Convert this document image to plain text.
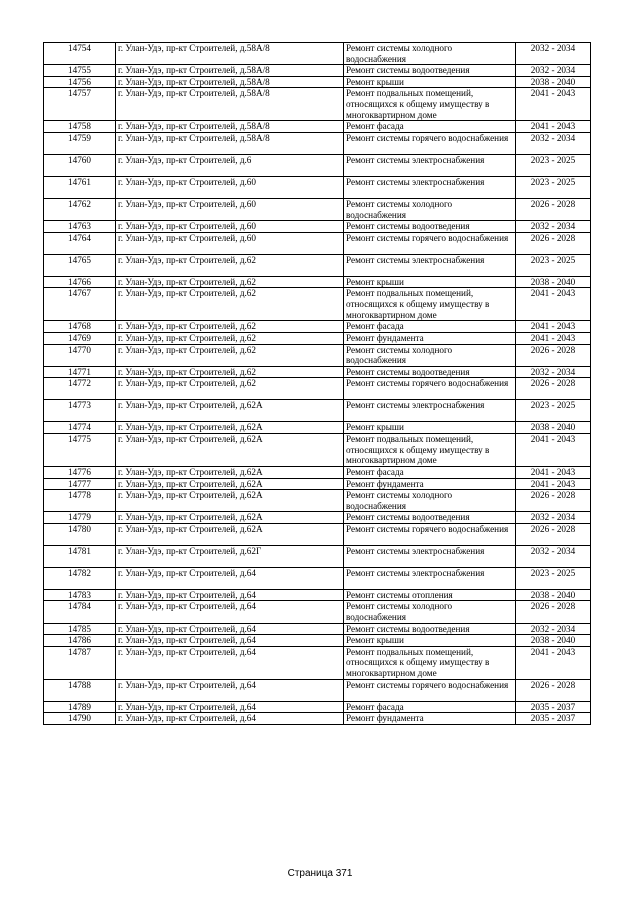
14754	г. Улан-Удэ, пр-кт Строителей, д.58А/8	Ремонт системы холодного водоснабжения	2032 - 2034
14755	г. Улан-Удэ, пр-кт Строителей, д.58А/8	Ремонт системы водоотведения	2032 - 2034
14756	г. Улан-Удэ, пр-кт Строителей, д.58А/8	Ремонт крыши	2038 - 2040
14757	г. Улан-Удэ, пр-кт Строителей, д.58А/8	Ремонт подвальных помещений, относящихся к общему имуществу в многоквартирном доме	2041 - 2043
14758	г. Улан-Удэ, пр-кт Строителей, д.58А/8	Ремонт фасада	2041 - 2043
14759	г. Улан-Удэ, пр-кт Строителей, д.58А/8	Ремонт системы горячего водоснабжения	2032 - 2034
14760	г. Улан-Удэ, пр-кт Строителей, д.6	Ремонт системы электроснабжения	2023 - 2025
14761	г. Улан-Удэ, пр-кт Строителей, д.60	Ремонт системы электроснабжения	2023 - 2025
14762	г. Улан-Удэ, пр-кт Строителей, д.60	Ремонт системы холодного водоснабжения	2026 - 2028
14763	г. Улан-Удэ, пр-кт Строителей, д.60	Ремонт системы водоотведения	2032 - 2034
14764	г. Улан-Удэ, пр-кт Строителей, д.60	Ремонт системы горячего водоснабжения	2026 - 2028
14765	г. Улан-Удэ, пр-кт Строителей, д.62	Ремонт системы электроснабжения	2023 - 2025
14766	г. Улан-Удэ, пр-кт Строителей, д.62	Ремонт крыши	2038 - 2040
14767	г. Улан-Удэ, пр-кт Строителей, д.62	Ремонт подвальных помещений, относящихся к общему имуществу в многоквартирном доме	2041 - 2043
14768	г. Улан-Удэ, пр-кт Строителей, д.62	Ремонт фасада	2041 - 2043
14769	г. Улан-Удэ, пр-кт Строителей, д.62	Ремонт фундамента	2041 - 2043
14770	г. Улан-Удэ, пр-кт Строителей, д.62	Ремонт системы холодного водоснабжения	2026 - 2028
14771	г. Улан-Удэ, пр-кт Строителей, д.62	Ремонт системы водоотведения	2032 - 2034
14772	г. Улан-Удэ, пр-кт Строителей, д.62	Ремонт системы горячего водоснабжения	2026 - 2028
14773	г. Улан-Удэ, пр-кт Строителей, д.62А	Ремонт системы электроснабжения	2023 - 2025
14774	г. Улан-Удэ, пр-кт Строителей, д.62А	Ремонт крыши	2038 - 2040
14775	г. Улан-Удэ, пр-кт Строителей, д.62А	Ремонт подвальных помещений, относящихся к общему имуществу в многоквартирном доме	2041 - 2043
14776	г. Улан-Удэ, пр-кт Строителей, д.62А	Ремонт фасада	2041 - 2043
14777	г. Улан-Удэ, пр-кт Строителей, д.62А	Ремонт фундамента	2041 - 2043
14778	г. Улан-Удэ, пр-кт Строителей, д.62А	Ремонт системы холодного водоснабжения	2026 - 2028
14779	г. Улан-Удэ, пр-кт Строителей, д.62А	Ремонт системы водоотведения	2032 - 2034
14780	г. Улан-Удэ, пр-кт Строителей, д.62А	Ремонт системы горячего водоснабжения	2026 - 2028
14781	г. Улан-Удэ, пр-кт Строителей, д.62Г	Ремонт системы электроснабжения	2032 - 2034
14782	г. Улан-Удэ, пр-кт Строителей, д.64	Ремонт системы электроснабжения	2023 - 2025
14783	г. Улан-Удэ, пр-кт Строителей, д.64	Ремонт системы отопления	2038 - 2040
14784	г. Улан-Удэ, пр-кт Строителей, д.64	Ремонт системы холодного водоснабжения	2026 - 2028
14785	г. Улан-Удэ, пр-кт Строителей, д.64	Ремонт системы водоотведения	2032 - 2034
14786	г. Улан-Удэ, пр-кт Строителей, д.64	Ремонт крыши	2038 - 2040
14787	г. Улан-Удэ, пр-кт Строителей, д.64	Ремонт подвальных помещений, относящихся к общему имуществу в многоквартирном доме	2041 - 2043
14788	г. Улан-Удэ, пр-кт Строителей, д.64	Ремонт системы горячего водоснабжения	2026 - 2028
14789	г. Улан-Удэ, пр-кт Строителей, д.64	Ремонт фасада	2035 - 2037
14790	г. Улан-Удэ, пр-кт Строителей, д.64	Ремонт фундамента	2035 - 2037
Страница 371
